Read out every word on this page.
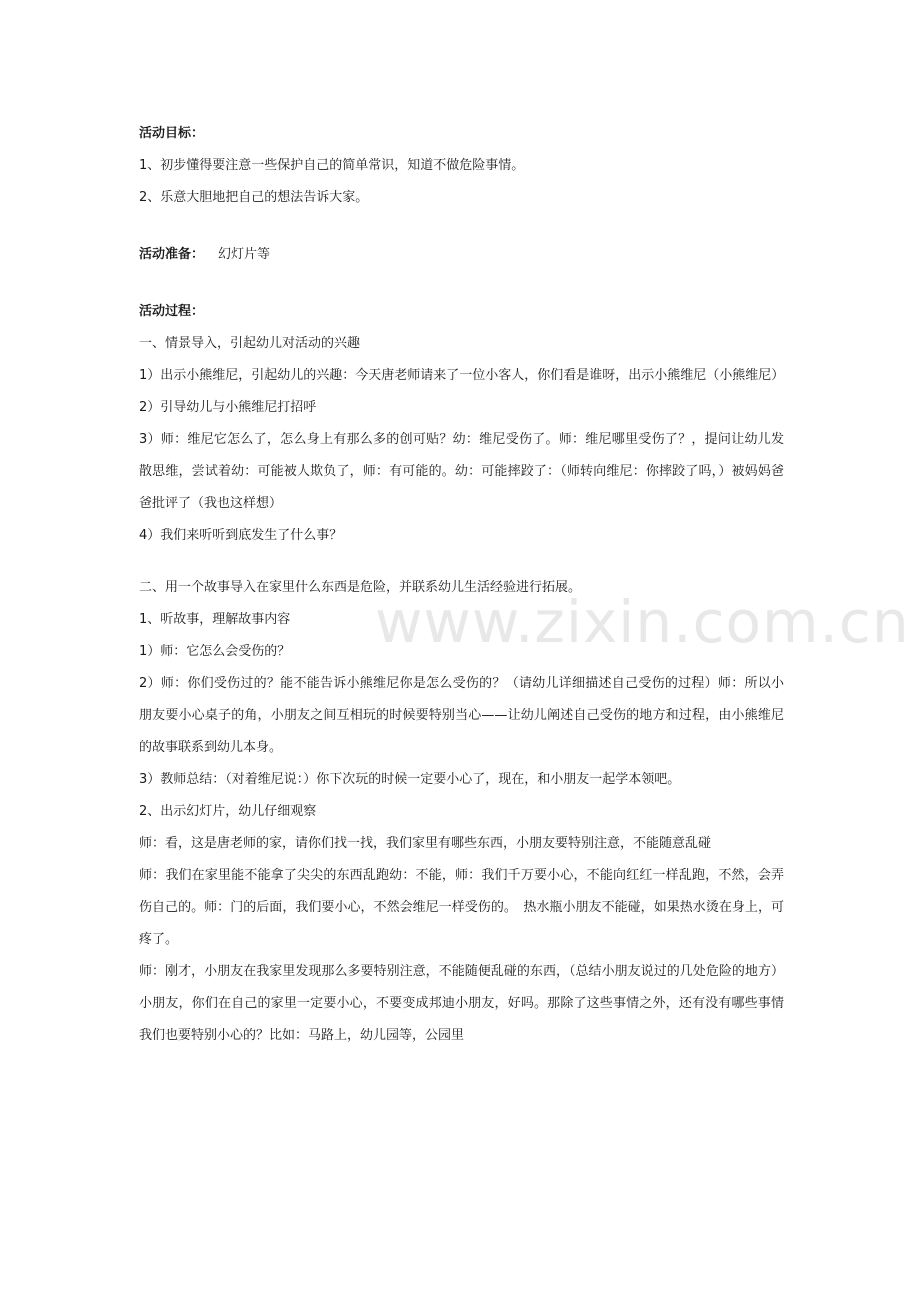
www.zixin.com.cn

活动目标：

1、初步懂得要注意一些保护自己的简单常识，知道不做危险事情。

2、乐意大胆地把自己的想法告诉大家。

活动准备： 幻灯片等

活动过程：

一、情景导入，引起幼儿对活动的兴趣

1）出示小熊维尼，引起幼儿的兴趣：今天唐老师请来了一位小客人，你们看是谁呀，出示小熊维尼（小熊维尼）

2）引导幼儿与小熊维尼打招呼

3）师：维尼它怎么了，怎么身上有那么多的创可贴？幼：维尼受伤了。师：维尼哪里受伤了？，提问让幼儿发散思维，尝试着幼：可能被人欺负了，师：有可能的。幼：可能摔跤了：（师转向维尼：你摔跤了吗，）被妈妈爸爸批评了（我也这样想）

4）我们来听听到底发生了什么事？

二、用一个故事导入在家里什么东西是危险，并联系幼儿生活经验进行拓展。

1、听故事，理解故事内容

1）师：它怎么会受伤的？

2）师：你们受伤过的？能不能告诉小熊维尼你是怎么受伤的？（请幼儿详细描述自己受伤的过程）师：所以小朋友要小心桌子的角，小朋友之间互相玩的时候要特别当心——让幼儿阐述自己受伤的地方和过程，由小熊维尼的故事联系到幼儿本身。

3）教师总结：（对着维尼说：）你下次玩的时候一定要小心了，现在，和小朋友一起学本领吧。

2、出示幻灯片，幼儿仔细观察

师：看，这是唐老师的家，请你们找一找，我们家里有哪些东西，小朋友要特别注意，不能随意乱碰

师：我们在家里能不能拿了尖尖的东西乱跑幼：不能，师：我们千万要小心，不能向红红一样乱跑，不然，会弄伤自己的。师：门的后面，我们要小心，不然会维尼一样受伤的。　热水瓶小朋友不能碰，如果热水烫在身上，可疼了。

师：刚才，小朋友在我家里发现那么多要特别注意，不能随便乱碰的东西，（总结小朋友说过的几处危险的地方）小朋友，你们在自己的家里一定要小心，不要变成邦迪小朋友，好吗。那除了这些事情之外，还有没有哪些事情我们也要特别小心的？比如：马路上，幼儿园等，公园里
